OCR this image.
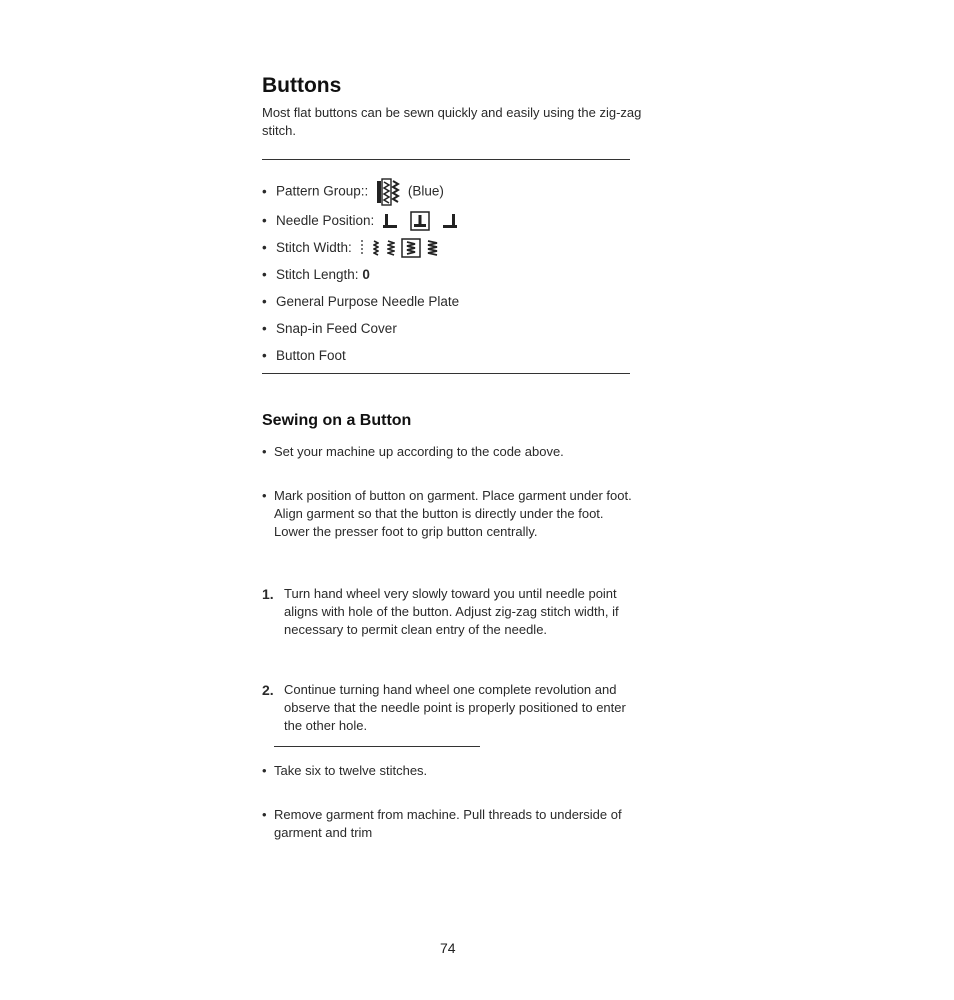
Buttons
Most flat buttons can be sewn quickly and easily using the zig-zag stitch.
• Pattern Group::	(Blue)
• Needle Position:

• Stitch Width:

• Stitch Length: 0
• General Purpose Needle Plate
• Snap-in Feed Cover
• Button Foot
Sewing on a Button
• Set your machine up according to the code above.
• Mark position of button on garment. Place garment under foot. Align garment so that the button is directly under the foot. Lower the presser foot to grip button centrally.
1. Turn hand wheel very slowly toward you until needle point aligns with hole of the button. Adjust zig-zag stitch width, if necessary to permit clean entry of the needle.
2. Continue turning hand wheel one complete revolution and observe that the needle point is properly positioned to enter the other hole.
• Take six to twelve stitches.
• Remove garment from machine. Pull threads to underside of garment and trim
74
